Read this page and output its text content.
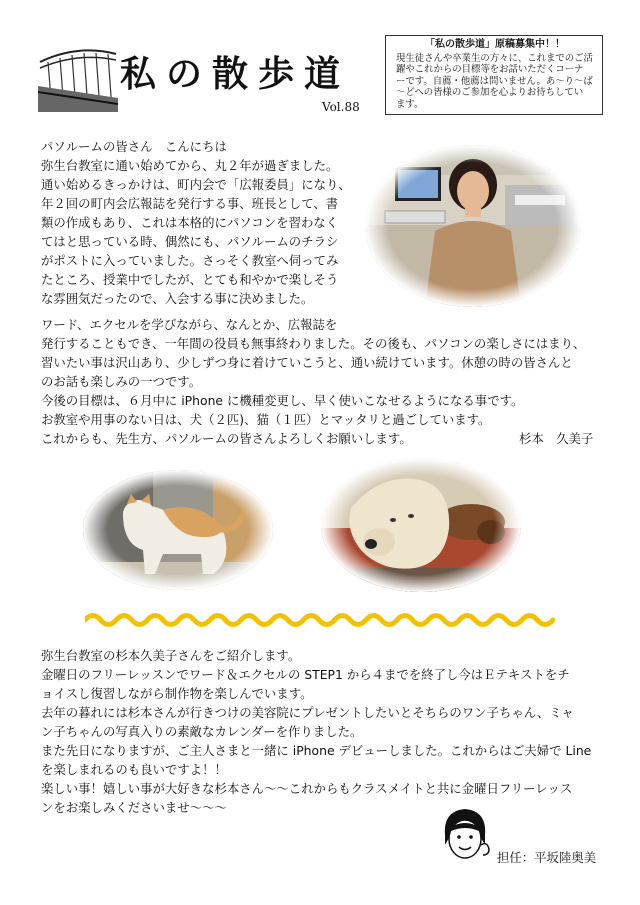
私の散歩道
Vol.88
「私の散歩道」原稿募集中！！
現生徒さんや卒業生の方々に、これまでのご活
躍やこれからの目標等をお話いただくコーナ
ーです。自薦・他薦は問いません。あ〜り〜ば
〜どへの皆様のご参加を心よりお待ちしてい
ます。
パソルームの皆さん　こんにちは
弥生台教室に通い始めてから、丸２年が過ぎました。
通い始めるきっかけは、町内会で「広報委員」になり、
年２回の町内会広報誌を発行する事、班長として、書
類の作成もあり、これは本格的にパソコンを習わなく
てはと思っている時、偶然にも、パソルームのチラシ
がポストに入っていました。さっそく教室へ伺ってみ
たところ、授業中でしたが、とても和やかで楽しそう
な雰囲気だったので、入会する事に決めました。
ワード、エクセルを学びながら、なんとか、広報誌を
発行することもでき、一年間の役員も無事終わりました。その後も、パソコンの楽しさにはまり、
習いたい事は沢山あり、少しずつ身に着けていこうと、通い続けています。休憩の時の皆さんと
のお話も楽しみの一つです。
今後の目標は、６月中に iPhone に機種変更し、早く使いこなせるようになる事です。
お教室や用事のない日は、犬（２匹)、猫（１匹）とマッタリと過ごしています。
これからも、先生方、パソルームの皆さんよろしくお願いします。	杉本　久美子
弥生台教室の杉本久美子さんをご紹介します。
金曜日のフリーレッスンでワード＆エクセルの STEP1 から４までを終了し今はＥテキストをチ
ョイスし復習しながら制作物を楽しんでいます。
去年の暮れには杉本さんが行きつけの美容院にプレゼントしたいとそちらのワン子ちゃん、ミャ
ン子ちゃんの写真入りの素敵なカレンダーを作りました。
また先日になりますが、ご主人さまと一緒に iPhone デビューしました。これからはご夫婦で Line
を楽しまれるのも良いですよ！！
楽しい事！嬉しい事が大好きな杉本さん〜〜これからもクラスメイトと共に金曜日フリーレッス
ンをお楽しみくださいませ〜〜〜
担任：平坂陸奥美
